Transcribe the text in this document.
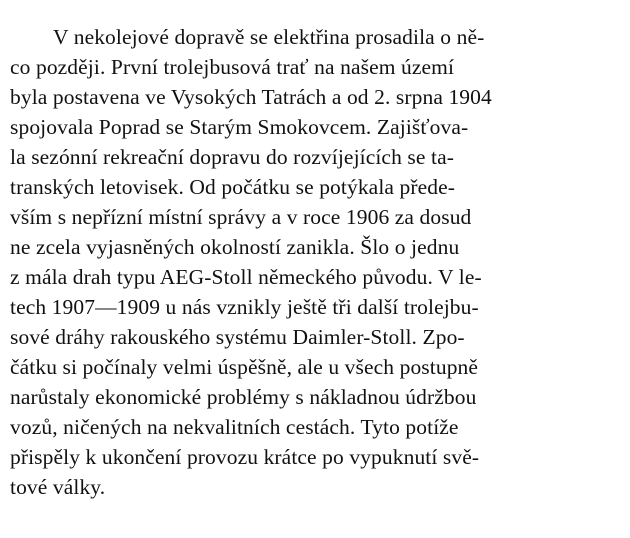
V nekolejové dopravě se elektřina prosadila o ně-
co později. První trolejbusová trať na našem území
byla postavena ve Vysokých Tatrách a od 2. srpna 1904
spojovala Poprad se Starým Smokovcem. Zajišťova-
la sezónní rekreační dopravu do rozvíjejících se ta-
tranských letovisek. Od počátku se potýkala přede-
vším s nepřízní místní správy a v roce 1906 za dosud
ne zcela vyjasněných okolností zanikla. Šlo o jednu
z mála drah typu AEG-Stoll německého původu. V le-
tech 1907—1909 u nás vznikly ještě tři další trolejbu-
sové dráhy rakouského systému Daimler-Stoll. Zpo-
čátku si počínaly velmi úspěšně, ale u všech postupně
narůstaly ekonomické problémy s nákladnou údržbou
vozů, ničených na nekvalitních cestách. Tyto potíže
přispěly k ukončení provozu krátce po vypuknutí svě-
tové války.
